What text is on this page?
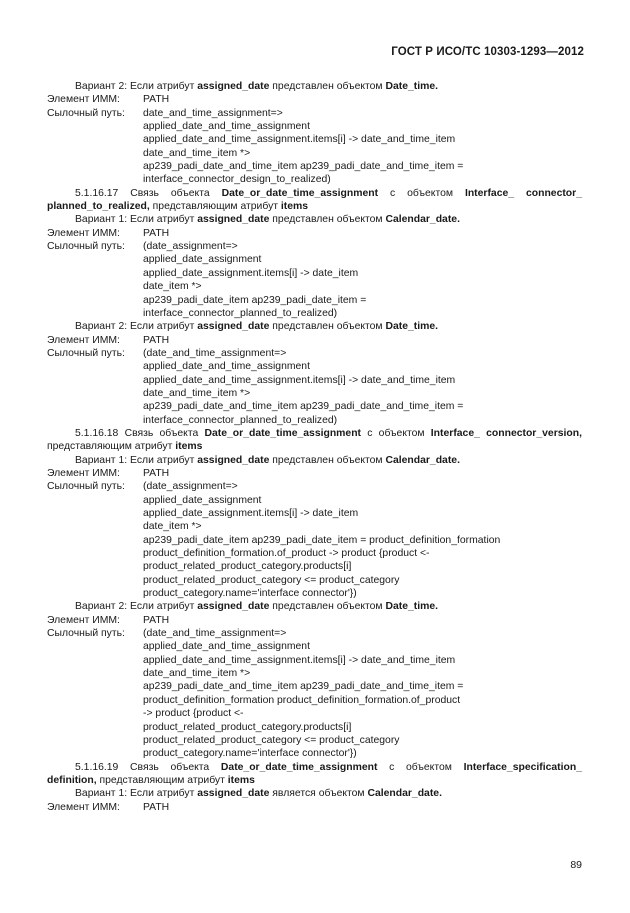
ГОСТ Р ИСО/ТС 10303-1293—2012
Вариант 2: Если атрибут assigned_date представлен объектом Date_time.
Элемент ИММ:	PATH
Сылочный путь:	date_and_time_assignment=>
applied_date_and_time_assignment
applied_date_and_time_assignment.items[i] -> date_and_time_item
date_and_time_item *>
ap239_padi_date_and_time_item ap239_padi_date_and_time_item =
interface_connector_design_to_realized)
5.1.16.17 Связь объекта Date_or_date_time_assignment с объектом Interface_ connector_
planned_to_realized, представляющим атрибут items
Вариант 1: Если атрибут assigned_date представлен объектом Calendar_date.
Элемент ИММ:	PATH
Сылочный путь:	(date_assignment=>
applied_date_assignment
applied_date_assignment.items[i] -> date_item
date_item *>
ap239_padi_date_item ap239_padi_date_item =
interface_connector_planned_to_realized)
Вариант 2: Если атрибут assigned_date представлен объектом Date_time.
Элемент ИММ:	PATH
Сылочный путь:	(date_and_time_assignment=>
applied_date_and_time_assignment
applied_date_and_time_assignment.items[i] -> date_and_time_item
date_and_time_item *>
ap239_padi_date_and_time_item ap239_padi_date_and_time_item =
interface_connector_planned_to_realized)
5.1.16.18 Связь объекта Date_or_date_time_assignment с объектом Interface_ connector_version,
представляющим атрибут items
Вариант 1: Если атрибут assigned_date представлен объектом Calendar_date.
Элемент ИММ:	PATH
Сылочный путь:	(date_assignment=>
applied_date_assignment
applied_date_assignment.items[i] -> date_item
date_item *>
ap239_padi_date_item ap239_padi_date_item = product_definition_formation
product_definition_formation.of_product -> product {product <-
product_related_product_category.products[i]
product_related_product_category <= product_category
product_category.name='interface connector'})
Вариант 2: Если атрибут assigned_date представлен объектом Date_time.
Элемент ИММ:	PATH
Сылочный путь:	(date_and_time_assignment=>
applied_date_and_time_assignment
applied_date_and_time_assignment.items[i] -> date_and_time_item
date_and_time_item *>
ap239_padi_date_and_time_item ap239_padi_date_and_time_item =
product_definition_formation product_definition_formation.of_product
-> product {product <-
product_related_product_category.products[i]
product_related_product_category <= product_category
product_category.name='interface connector'})
5.1.16.19 Связь объекта Date_or_date_time_assignment с объектом Interface_specification_
definition, представляющим атрибут items
Вариант 1: Если атрибут assigned_date является объектом Calendar_date.
Элемент ИММ:	PATH
89
